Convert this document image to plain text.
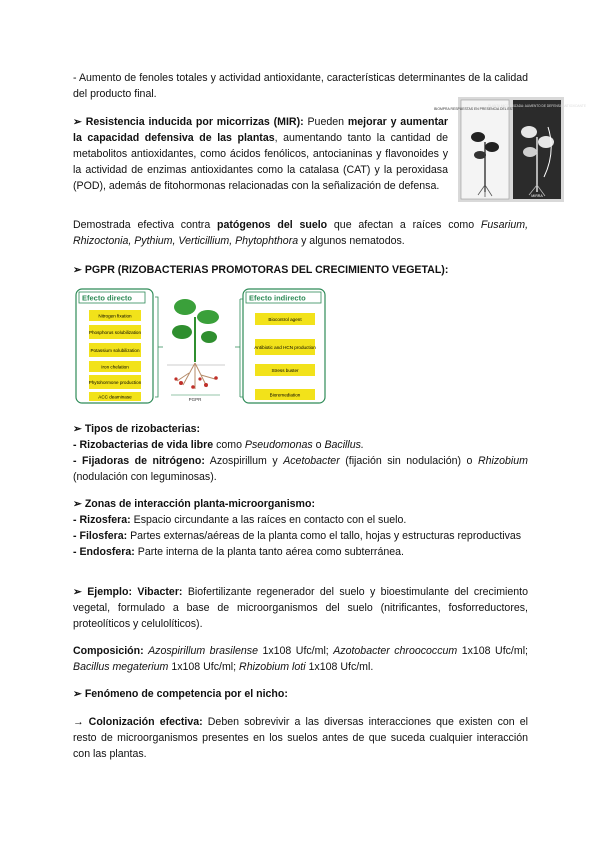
- Aumento de fenoles totales y actividad antioxidante, características determinantes de la calidad del producto final.
➢ Resistencia inducida por micorrizas (MIR): Pueden mejorar y aumentar la capacidad defensiva de las plantas, aumentando tanto la cantidad de metabolitos antioxidantes, como ácidos fenólicos, antocianinas y flavonoides y la actividad de enzimas antioxidantes como la catalasa (CAT) y la peroxidasa (POD), además de fitohormonas relacionadas con la señalización de defensa.
BIOMPRA RESPUESTAS EN PRESENCIA DEL ESTRÉS BIÓTICO
PLANTA MICORRIZADA: AUMENTO DE DEFENSA ANTIOXIDANTE
MIRRA
Demostrada efectiva contra patógenos del suelo que afectan a raíces como Fusarium, Rhizoctonia, Pythium, Verticillium, Phytophthora y algunos nematodos.
➢ PGPR (RIZOBACTERIAS PROMOTORAS DEL CRECIMIENTO VEGETAL):
Efecto directo
Nitrogen fixation
Phosphorus solubilization
Potassium solubilization
Iron chelation
Phytohormone production
ACC deaminase	PGPR
Efecto indirecto
Biocontrol agent
Antibiotic and HCN production
Stress buster
Bioremediation
➢ Tipos de rizobacterias:
- Rizobacterias de vida libre como Pseudomonas o Bacillus.
- Fijadoras de nitrógeno: Azospirillum y Acetobacter (fijación sin nodulación) o Rhizobium (nodulación con leguminosas).
➢ Zonas de interacción planta-microorganismo:
- Rizosfera: Espacio circundante a las raíces en contacto con el suelo.
- Filosfera: Partes externas/aéreas de la planta como el tallo, hojas y estructuras reproductivas
- Endosfera: Parte interna de la planta tanto aérea como subterránea.
➢ Ejemplo: Vibacter: Biofertilizante regenerador del suelo y bioestimulante del crecimiento vegetal, formulado a base de microorganismos del suelo (nitrificantes, fosforreductores, proteolíticos y celulolíticos).
Composición: Azospirillum brasilense 1x108 Ufc/ml; Azotobacter chroococcum 1x108 Ufc/ml; Bacillus megaterium 1x108 Ufc/ml; Rhizobium loti 1x108 Ufc/ml.
➢ Fenómeno de competencia por el nicho:
→ Colonización efectiva: Deben sobrevivir a las diversas interacciones que existen con el resto de microorganismos presentes en los suelos antes de que suceda cualquier interacción con las plantas.
